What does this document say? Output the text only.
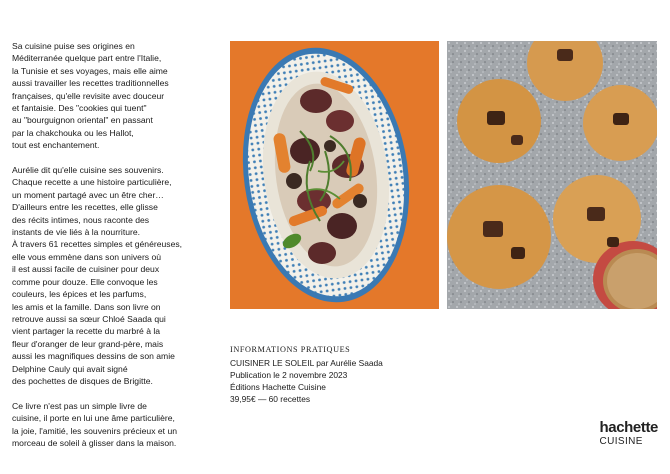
Sa cuisine puise ses origines en
Méditerranée quelque part entre l'Italie,
la Tunisie et ses voyages, mais elle aime
aussi travailler les recettes traditionnelles
françaises, qu'elle revisite avec douceur
et fantaisie. Des "cookies qui tuent"
au "bourguignon oriental" en passant
par la chakchouka ou les Hallot,
tout est enchantement.

Aurélie dit qu'elle cuisine ses souvenirs.
Chaque recette a une histoire particulière,
un moment partagé avec un être cher…
D'ailleurs entre les recettes, elle glisse
des récits intimes, nous raconte des
instants de vie liés à la nourriture.
À travers 61 recettes simples et généreuses,
elle vous emmène dans son univers où
il est aussi facile de cuisiner pour deux
comme pour douze. Elle convoque les
couleurs, les épices et les parfums,
les amis et la famille. Dans son livre on
retrouve aussi sa sœur Chloé Saada qui
vient partager la recette du marbré à la
fleur d'oranger de leur grand-père, mais
aussi les magnifiques dessins de son amie
Delphine Cauly qui avait signé
des pochettes de disques de Brigitte.

Ce livre n'est pas un simple livre de
cuisine, il porte en lui une âme particulière,
la joie, l'amitié, les souvenirs précieux et un
morceau de soleil à glisser dans la maison.

INFORMATIONS PRATIQUES
CUISINER LE SOLEIL par Aurélie Saada
Publication le 2 novembre 2023
Éditions Hachette Cuisine
39,95€ — 60 recettes
hachette
CUISINE
